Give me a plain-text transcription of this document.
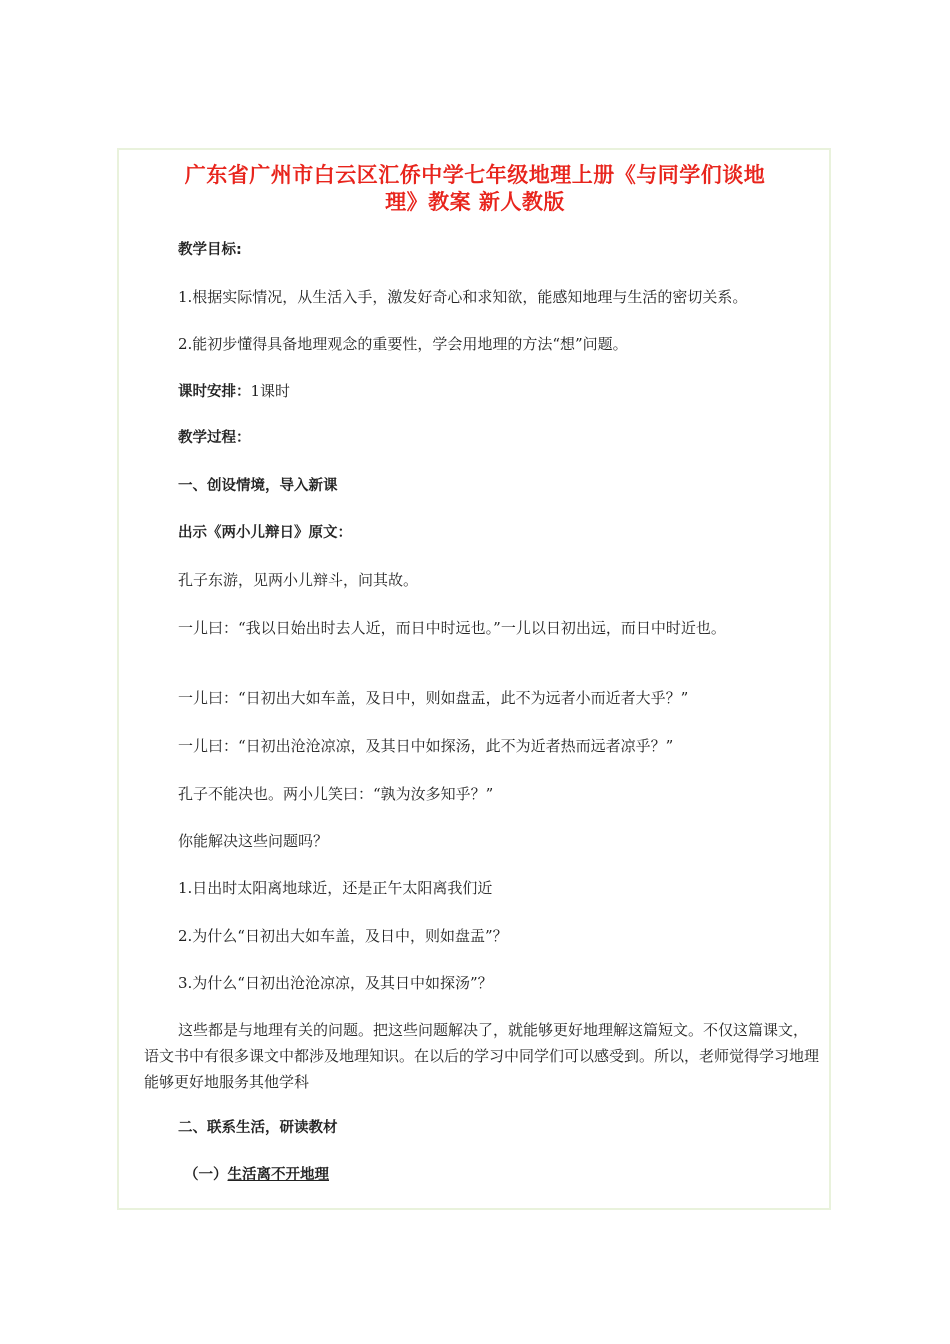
广东省广州市白云区汇侨中学七年级地理上册《与同学们谈地
理》教案 新人教版
教学目标:
1.根据实际情况，从生活入手，激发好奇心和求知欲，能感知地理与生活的密切关系。
2.能初步懂得具备地理观念的重要性，学会用地理的方法“想”问题。
课时安排：1课时
教学过程：
一、创设情境，导入新课
出示《两小儿辩日》原文：
孔子东游，见两小儿辩斗，问其故。
一儿曰：“我以日始出时去人近，而日中时远也。”一儿以日初出远，而日中时近也。
一儿曰：“日初出大如车盖，及日中，则如盘盂，此不为远者小而近者大乎？”
一儿曰：“日初出沧沧凉凉，及其日中如探汤，此不为近者热而远者凉乎？”
孔子不能决也。两小儿笑曰：“孰为汝多知乎？”
你能解决这些问题吗？
1.日出时太阳离地球近，还是正午太阳离我们近
2.为什么“日初出大如车盖，及日中，则如盘盂”？
3.为什么“日初出沧沧凉凉，及其日中如探汤”？
这些都是与地理有关的问题。把这些问题解决了，就能够更好地理解这篇短文。不仅这篇课文，语文书中有很多课文中都涉及地理知识。在以后的学习中同学们可以感受到。所以，老师觉得学习地理能够更好地服务其他学科
二、联系生活，研读教材
（一）生活离不开地理
